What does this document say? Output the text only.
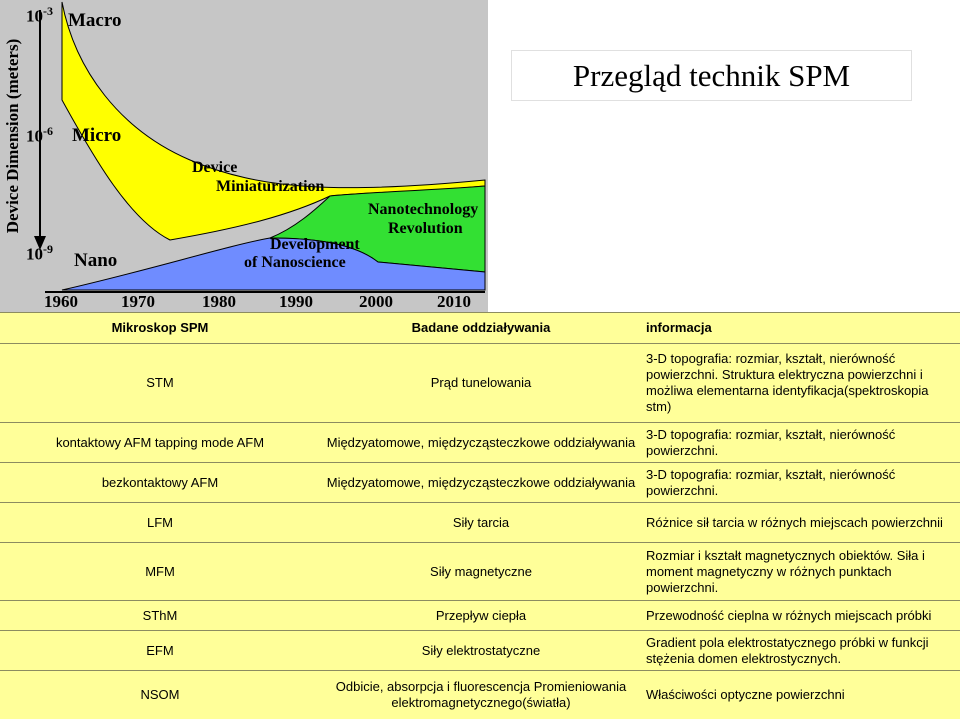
Device Dimension (meters)
$10^{-3}$ Macro
$10^{-6}$ Micro
$10^{-9}$
Nano
Device
Miniaturization
Nanotechnology
Revolution
Development
of Nanoscience
1960	1970	1980	1990	2000	2010
Przegląd technik SPM
Mikroskop SPM	Badane oddziaływania	informacja
STM	Prąd tunelowania	3-D topografia: rozmiar, kształt, nierówność powierzchni. Struktura elektryczna powierzchni i możliwa elementarna identyfikacja(spektroskopia stm)
kontaktowy AFM tapping mode AFM	Międzyatomowe, międzycząsteczkowe oddziaływania	3-D topografia: rozmiar, kształt, nierówność powierzchni.
bezkontaktowy AFM	Międzyatomowe, międzycząsteczkowe oddziaływania	3-D topografia: rozmiar, kształt, nierówność powierzchni.
LFM	Siły tarcia	Różnice sił tarcia w różnych miejscach powierzchnii
MFM	Siły magnetyczne	Rozmiar i kształt magnetycznych obiektów. Siła i moment magnetyczny w różnych punktach powierzchni.
SThM	Przepływ ciepła	Przewodność cieplna w różnych miejscach próbki
EFM	Siły elektrostatyczne	Gradient pola elektrostatycznego próbki w funkcji stężenia domen elektrostycznych.
NSOM	Odbicie, absorpcja i fluorescencja Promieniowania elektromagnetycznego(światła)	Właściwości optyczne powierzchni
